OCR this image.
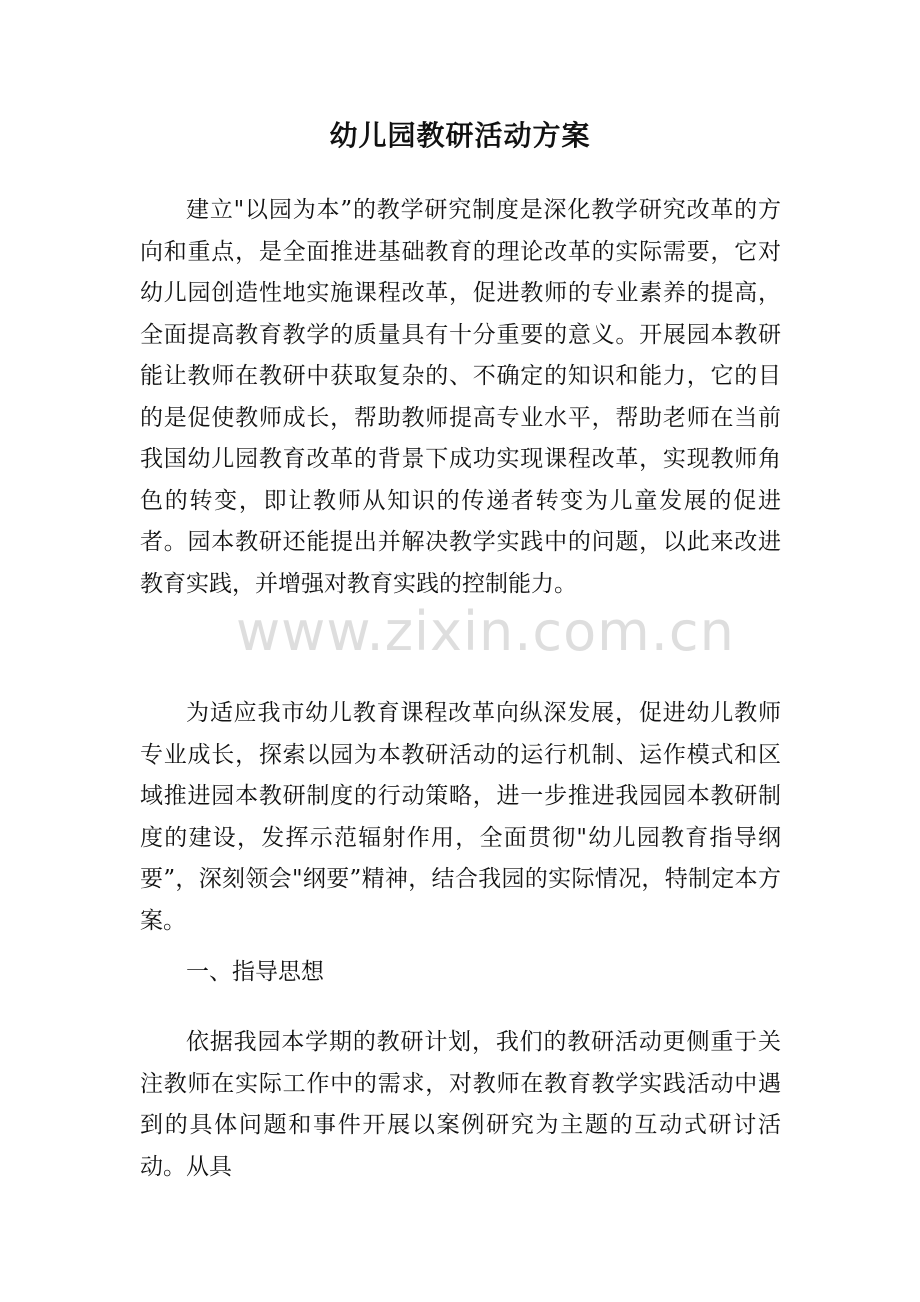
幼儿园教研活动方案

建立"以园为本”的教学研究制度是深化教学研究改革的方向和重点，是全面推进基础教育的理论改革的实际需要，它对幼儿园创造性地实施课程改革，促进教师的专业素养的提高，全面提高教育教学的质量具有十分重要的意义。开展园本教研能让教师在教研中获取复杂的、不确定的知识和能力，它的目的是促使教师成长，帮助教师提高专业水平，帮助老师在当前我国幼儿园教育改革的背景下成功实现课程改革，实现教师角色的转变，即让教师从知识的传递者转变为儿童发展的促进者。园本教研还能提出并解决教学实践中的问题，以此来改进教育实践，并增强对教育实践的控制能力。

为适应我市幼儿教育课程改革向纵深发展，促进幼儿教师专业成长，探索以园为本教研活动的运行机制、运作模式和区域推进园本教研制度的行动策略，进一步推进我园园本教研制度的建设，发挥示范辐射作用，全面贯彻"幼儿园教育指导纲要”，深刻领会"纲要”精神，结合我园的实际情况，特制定本方案。

一、指导思想

依据我园本学期的教研计划，我们的教研活动更侧重于关注教师在实际工作中的需求，对教师在教育教学实践活动中遇到的具体问题和事件开展以案例研究为主题的互动式研讨活动。从具

www.zixin.com.cn
